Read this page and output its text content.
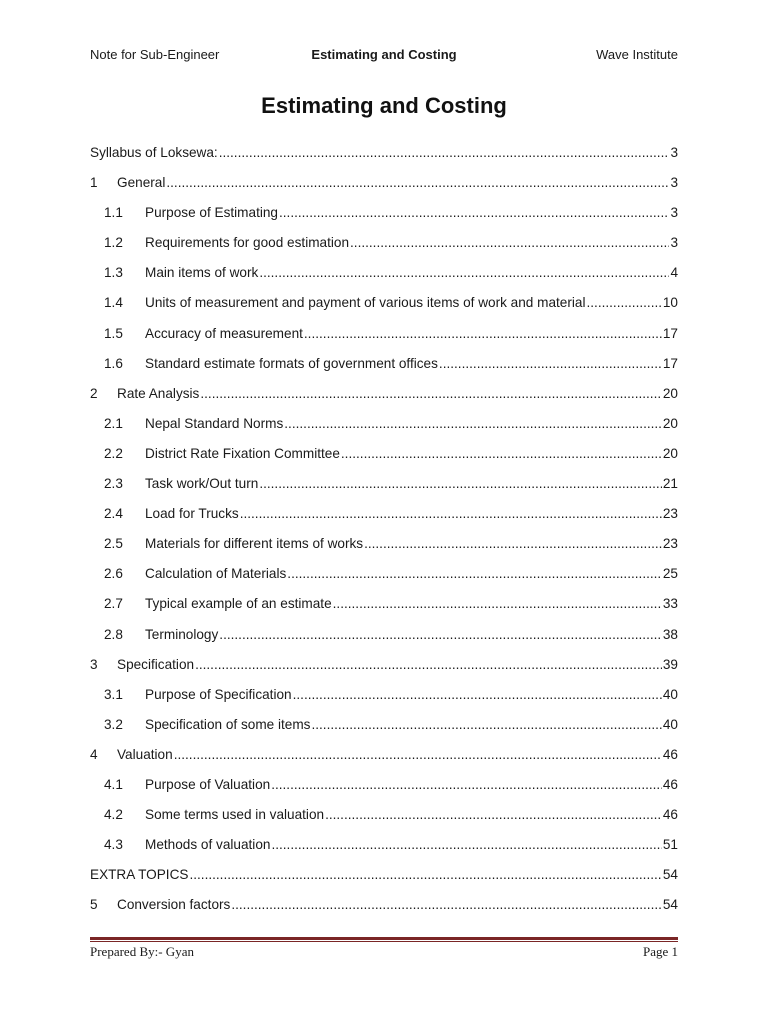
Note for Sub-Engineer	Estimating and Costing	Wave Institute
Estimating and Costing
Syllabus of Loksewa: .....	3
1	General .....	3
1.1	Purpose of Estimating .....	3
1.2	Requirements for good estimation .....	3
1.3	Main items of work .....	4
1.4	Units of measurement and payment of various items of work and material .....	10
1.5	Accuracy of measurement .....	17
1.6	Standard estimate formats of government offices .....	17
2	Rate Analysis .....	20
2.1	Nepal Standard Norms .....	20
2.2	District Rate Fixation Committee .....	20
2.3	Task work/Out turn .....	21
2.4	Load for Trucks .....	23
2.5	Materials for different items of works .....	23
2.6	Calculation of Materials .....	25
2.7	Typical example of an estimate .....	33
2.8	Terminology .....	38
3	Specification .....	39
3.1	Purpose of Specification .....	40
3.2	Specification of some items .....	40
4	Valuation .....	46
4.1	Purpose of Valuation .....	46
4.2	Some terms used in valuation .....	46
4.3	Methods of valuation .....	51
EXTRA TOPICS .....	54
5	Conversion factors .....	54
Prepared By:- Gyan	Page 1
